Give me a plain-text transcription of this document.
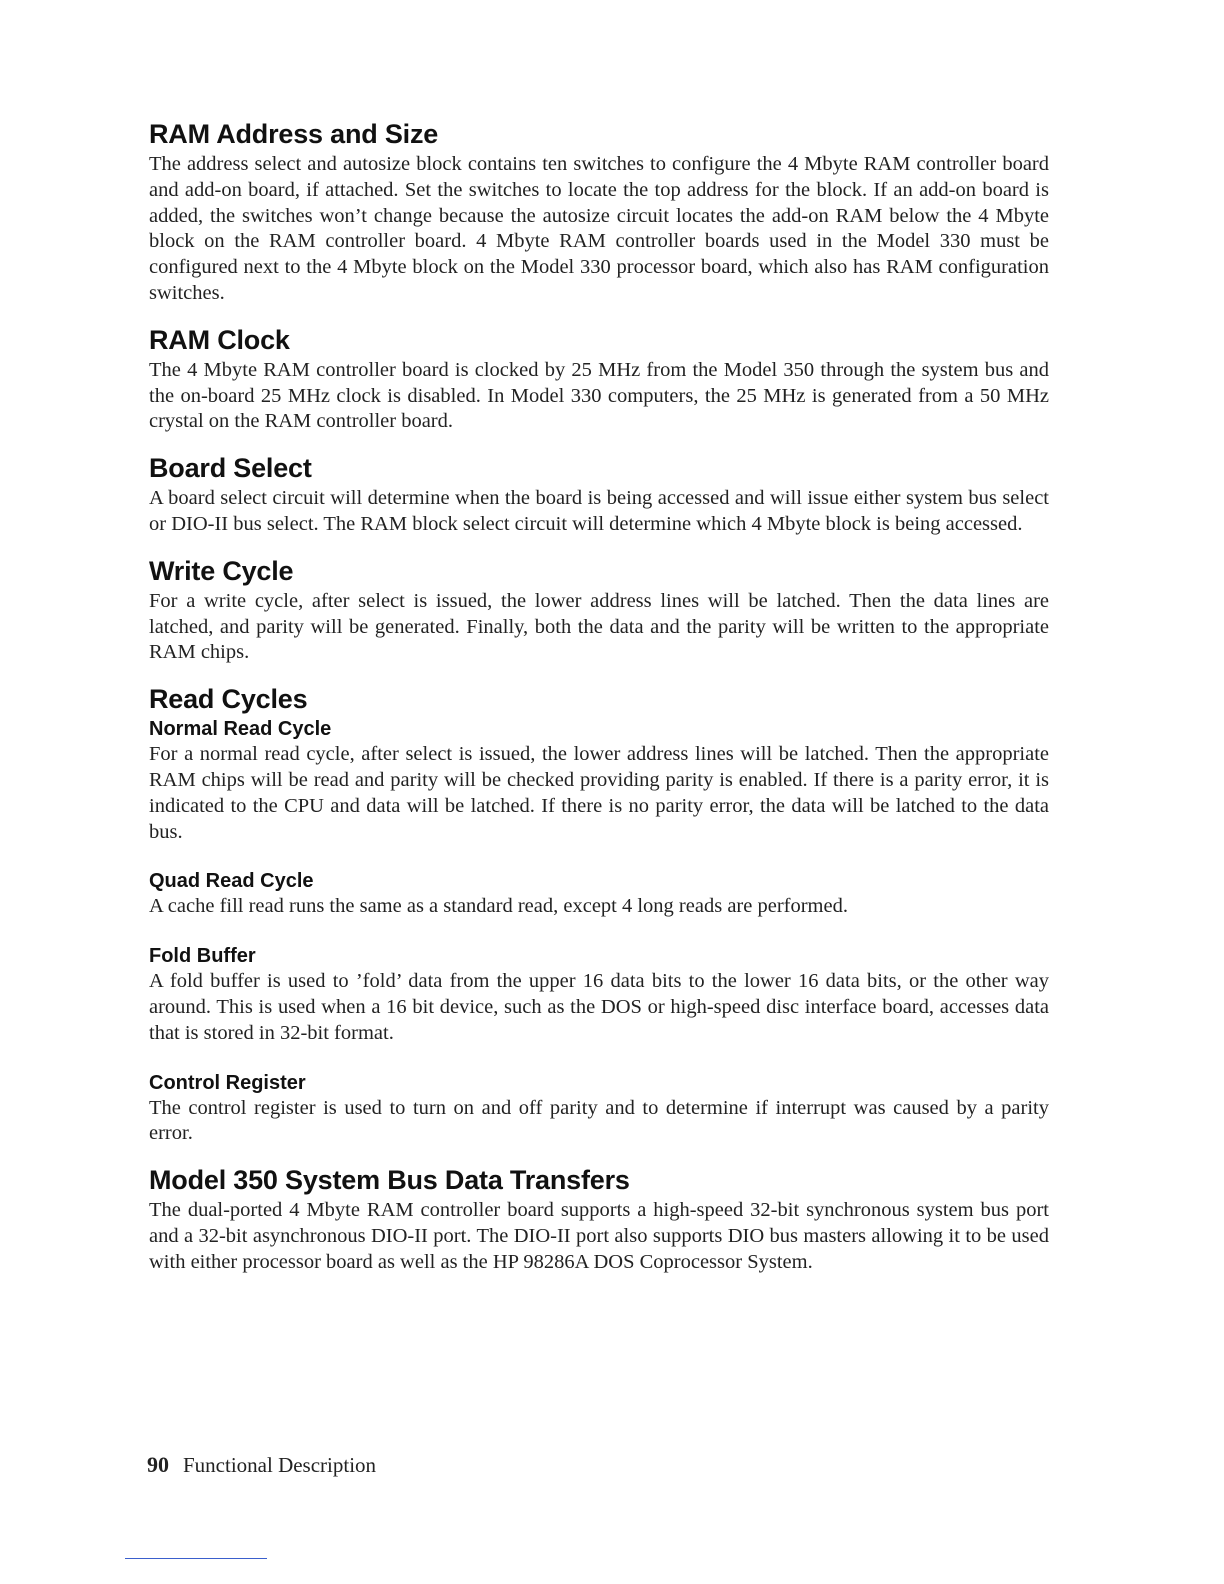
RAM Address and Size

The address select and autosize block contains ten switches to configure the 4 Mbyte RAM controller board and add-on board, if attached. Set the switches to locate the top address for the block. If an add-on board is added, the switches won’t change because the autosize circuit locates the add-on RAM below the 4 Mbyte block on the RAM controller board. 4 Mbyte RAM controller boards used in the Model 330 must be configured next to the 4 Mbyte block on the Model 330 processor board, which also has RAM configuration switches.

RAM Clock

The 4 Mbyte RAM controller board is clocked by 25 MHz from the Model 350 through the system bus and the on-board 25 MHz clock is disabled. In Model 330 computers, the 25 MHz is generated from a 50 MHz crystal on the RAM controller board.

Board Select

A board select circuit will determine when the board is being accessed and will issue either system bus select or DIO-II bus select. The RAM block select circuit will determine which 4 Mbyte block is being accessed.

Write Cycle

For a write cycle, after select is issued, the lower address lines will be latched. Then the data lines are latched, and parity will be generated. Finally, both the data and the parity will be written to the appropriate RAM chips.

Read Cycles
Normal Read Cycle

For a normal read cycle, after select is issued, the lower address lines will be latched. Then the appropriate RAM chips will be read and parity will be checked providing parity is enabled. If there is a parity error, it is indicated to the CPU and data will be latched. If there is no parity error, the data will be latched to the data bus.

Quad Read Cycle

A cache fill read runs the same as a standard read, except 4 long reads are performed.

Fold Buffer

A fold buffer is used to ’fold’ data from the upper 16 data bits to the lower 16 data bits, or the other way around. This is used when a 16 bit device, such as the DOS or high-speed disc interface board, accesses data that is stored in 32-bit format.

Control Register

The control register is used to turn on and off parity and to determine if interrupt was caused by a parity error.

Model 350 System Bus Data Transfers

The dual-ported 4 Mbyte RAM controller board supports a high-speed 32-bit synchronous system bus port and a 32-bit asynchronous DIO-II port. The DIO-II port also supports DIO bus masters allowing it to be used with either processor board as well as the HP 98286A DOS Coprocessor System.

90 Functional Description
